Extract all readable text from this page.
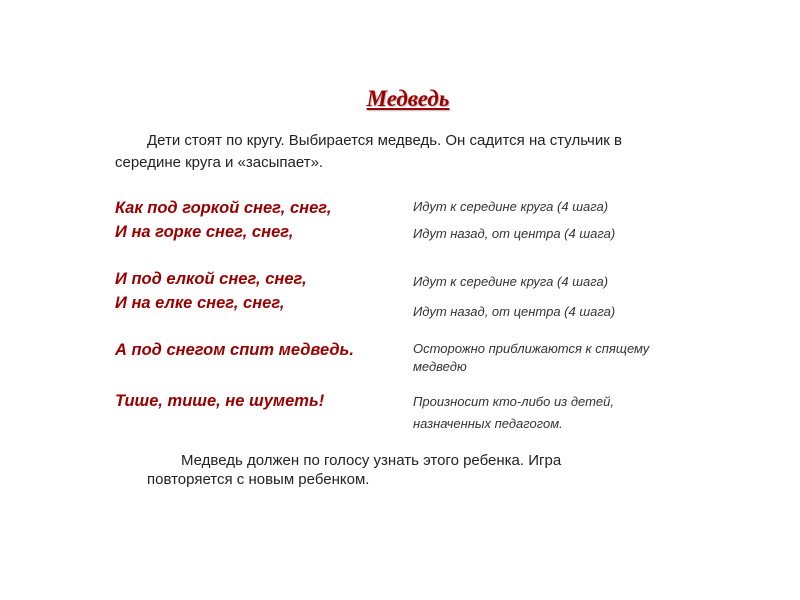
Медведь
Дети стоят по кругу. Выбирается медведь. Он садится на стульчик в
середине круга и «засыпает».
Как под горкой снег, снег,	Идут к середине круга (4 шага)
И на горке снег, снег,	Идут назад, от центра (4 шага)
И под елкой снег, снег,	Идут к середине круга (4 шага)
И на елке снег, снег,	Идут назад, от центра (4 шага)
А под снегом спит медведь.	Осторожно приближаются к спящему
медведю
Тише, тише, не шуметь!	Произносит кто-либо из детей,
назначенных педагогом.
Медведь должен по голосу узнать этого ребенка. Игра
повторяется с новым ребенком.
